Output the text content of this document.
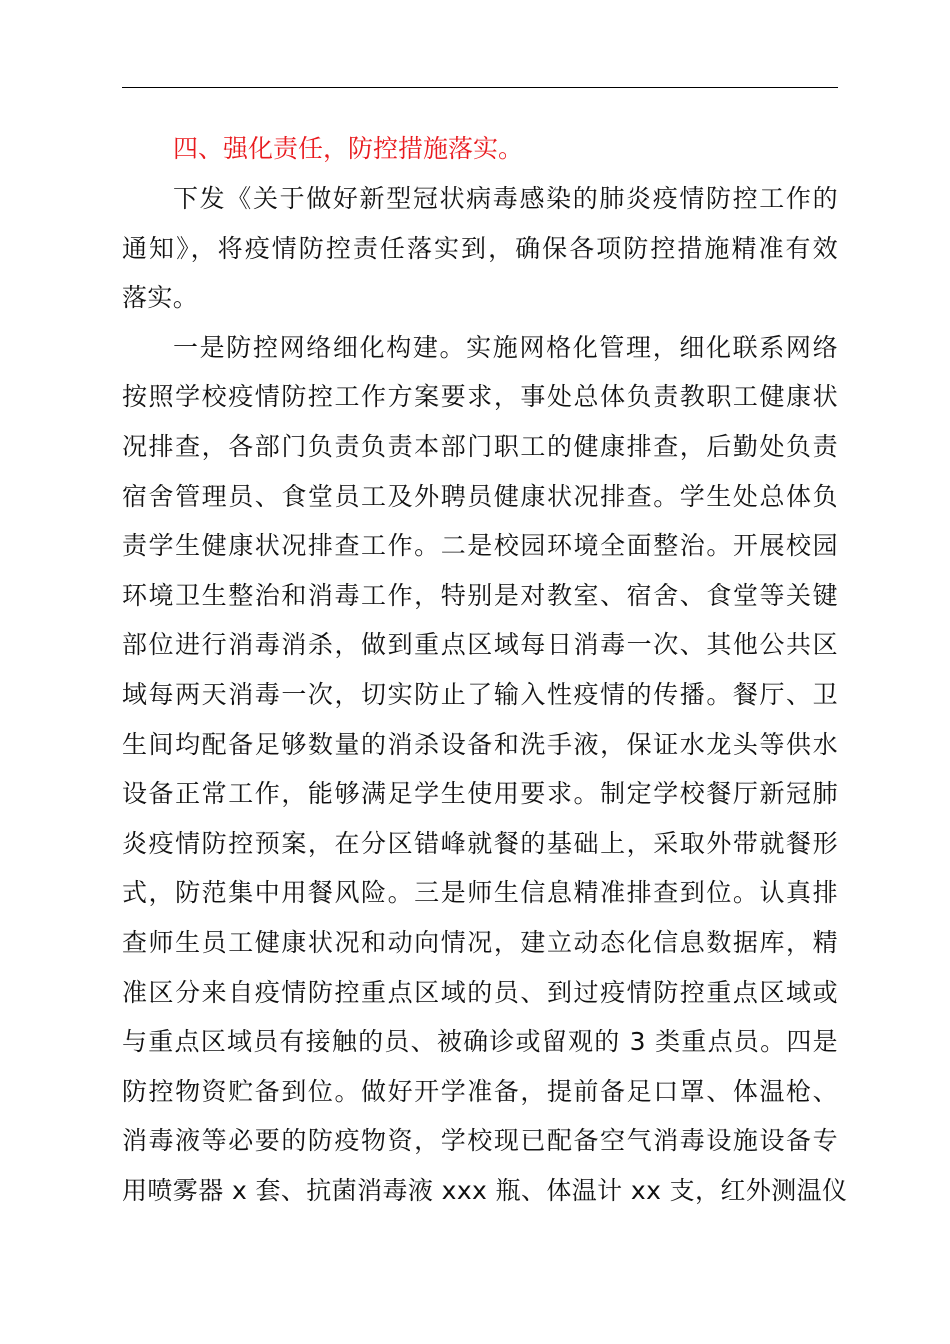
四、强化责任，防控措施落实。

下发《关于做好新型冠状病毒感染的肺炎疫情防控工作的
通知》，将疫情防控责任落实到，确保各项防控措施精准有效
落实。

一是防控网络细化构建。实施网格化管理，细化联系网络
按照学校疫情防控工作方案要求，事处总体负责教职工健康状
况排查，各部门负责负责本部门职工的健康排查，后勤处负责
宿舍管理员、食堂员工及外聘员健康状况排查。学生处总体负
责学生健康状况排查工作。二是校园环境全面整治。开展校园
环境卫生整治和消毒工作，特别是对教室、宿舍、食堂等关键
部位进行消毒消杀，做到重点区域每日消毒一次、其他公共区
域每两天消毒一次，切实防止了输入性疫情的传播。餐厅、卫
生间均配备足够数量的消杀设备和洗手液，保证水龙头等供水
设备正常工作，能够满足学生使用要求。制定学校餐厅新冠肺
炎疫情防控预案，在分区错峰就餐的基础上，采取外带就餐形
式，防范集中用餐风险。三是师生信息精准排查到位。认真排
查师生员工健康状况和动向情况，建立动态化信息数据库，精
准区分来自疫情防控重点区域的员、到过疫情防控重点区域或
与重点区域员有接触的员、被确诊或留观的 3 类重点员。四是
防控物资贮备到位。做好开学准备，提前备足口罩、体温枪、
消毒液等必要的防疫物资，学校现已配备空气消毒设施设备专
用喷雾器 x 套、抗菌消毒液 xxx 瓶、体温计 xx 支，红外测温仪
